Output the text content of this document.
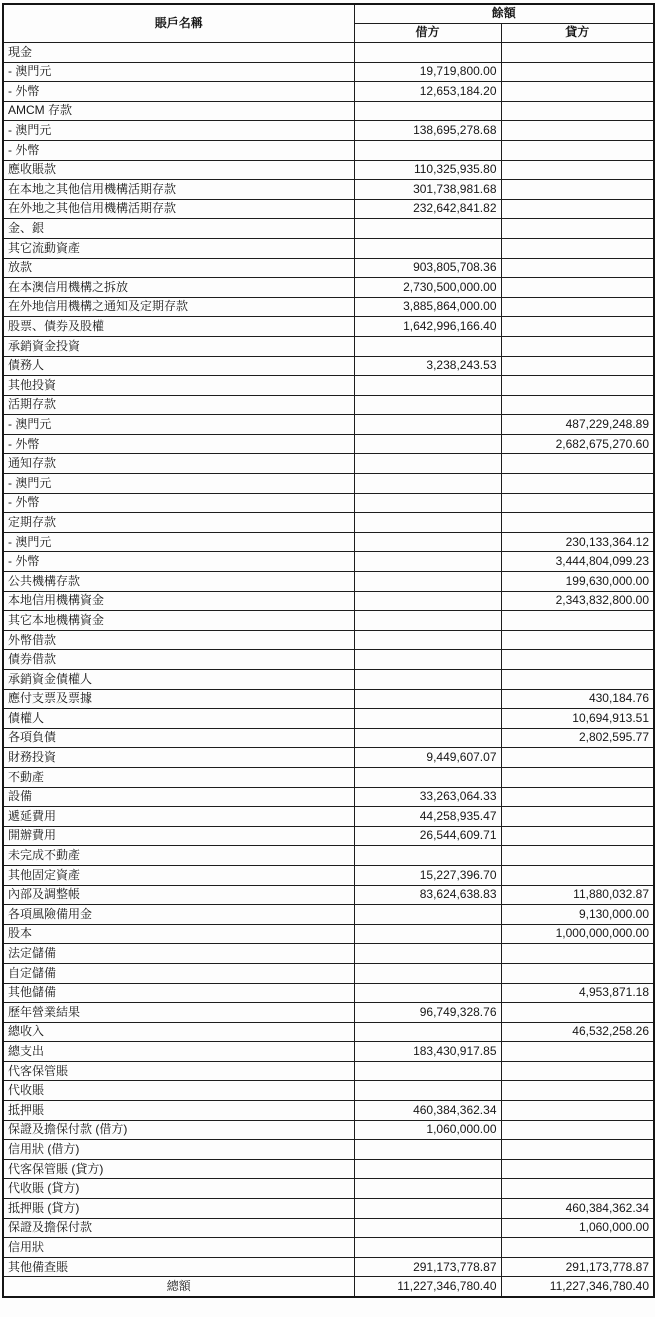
賬戶名稱	餘額	
	借方	貸方
現金		
- 澳門元	19,719,800.00	
- 外幣	12,653,184.20	
AMCM 存款		
- 澳門元	138,695,278.68	
- 外幣		
應收賬款	110,325,935.80	
在本地之其他信用機構活期存款	301,738,981.68	
在外地之其他信用機構活期存款	232,642,841.82	
金、銀		
其它流動資產		
放款	903,805,708.36	
在本澳信用機構之拆放	2,730,500,000.00	
在外地信用機構之通知及定期存款	3,885,864,000.00	
股票、債券及股權	1,642,996,166.40	
承銷資金投資		
債務人	3,238,243.53	
其他投資		
活期存款		
- 澳門元		487,229,248.89
- 外幣		2,682,675,270.60
通知存款		
- 澳門元		
- 外幣		
定期存款		
- 澳門元		230,133,364.12
- 外幣		3,444,804,099.23
公共機構存款		199,630,000.00
本地信用機構資金		2,343,832,800.00
其它本地機構資金		
外幣借款		
債券借款		
承銷資金債權人		
應付支票及票據		430,184.76
債權人		10,694,913.51
各項負債		2,802,595.77
財務投資	9,449,607.07	
不動產		
設備	33,263,064.33	
遞延費用	44,258,935.47	
開辦費用	26,544,609.71	
未完成不動產		
其他固定資產	15,227,396.70	
內部及調整帳	83,624,638.83	11,880,032.87
各項風險備用金		9,130,000.00
股本		1,000,000,000.00
法定儲備		
自定儲備		
其他儲備		4,953,871.18
歷年營業結果	96,749,328.76	
總收入		46,532,258.26
總支出	183,430,917.85	
代客保管賬		
代收賬		
抵押賬	460,384,362.34	
保證及擔保付款 (借方)	1,060,000.00	
信用狀 (借方)		
代客保管賬 (貸方)		
代收賬 (貸方)		
抵押賬 (貸方)		460,384,362.34
保證及擔保付款		1,060,000.00
信用狀		
其他備查賬	291,173,778.87	291,173,778.87
總額	11,227,346,780.40	11,227,346,780.40
